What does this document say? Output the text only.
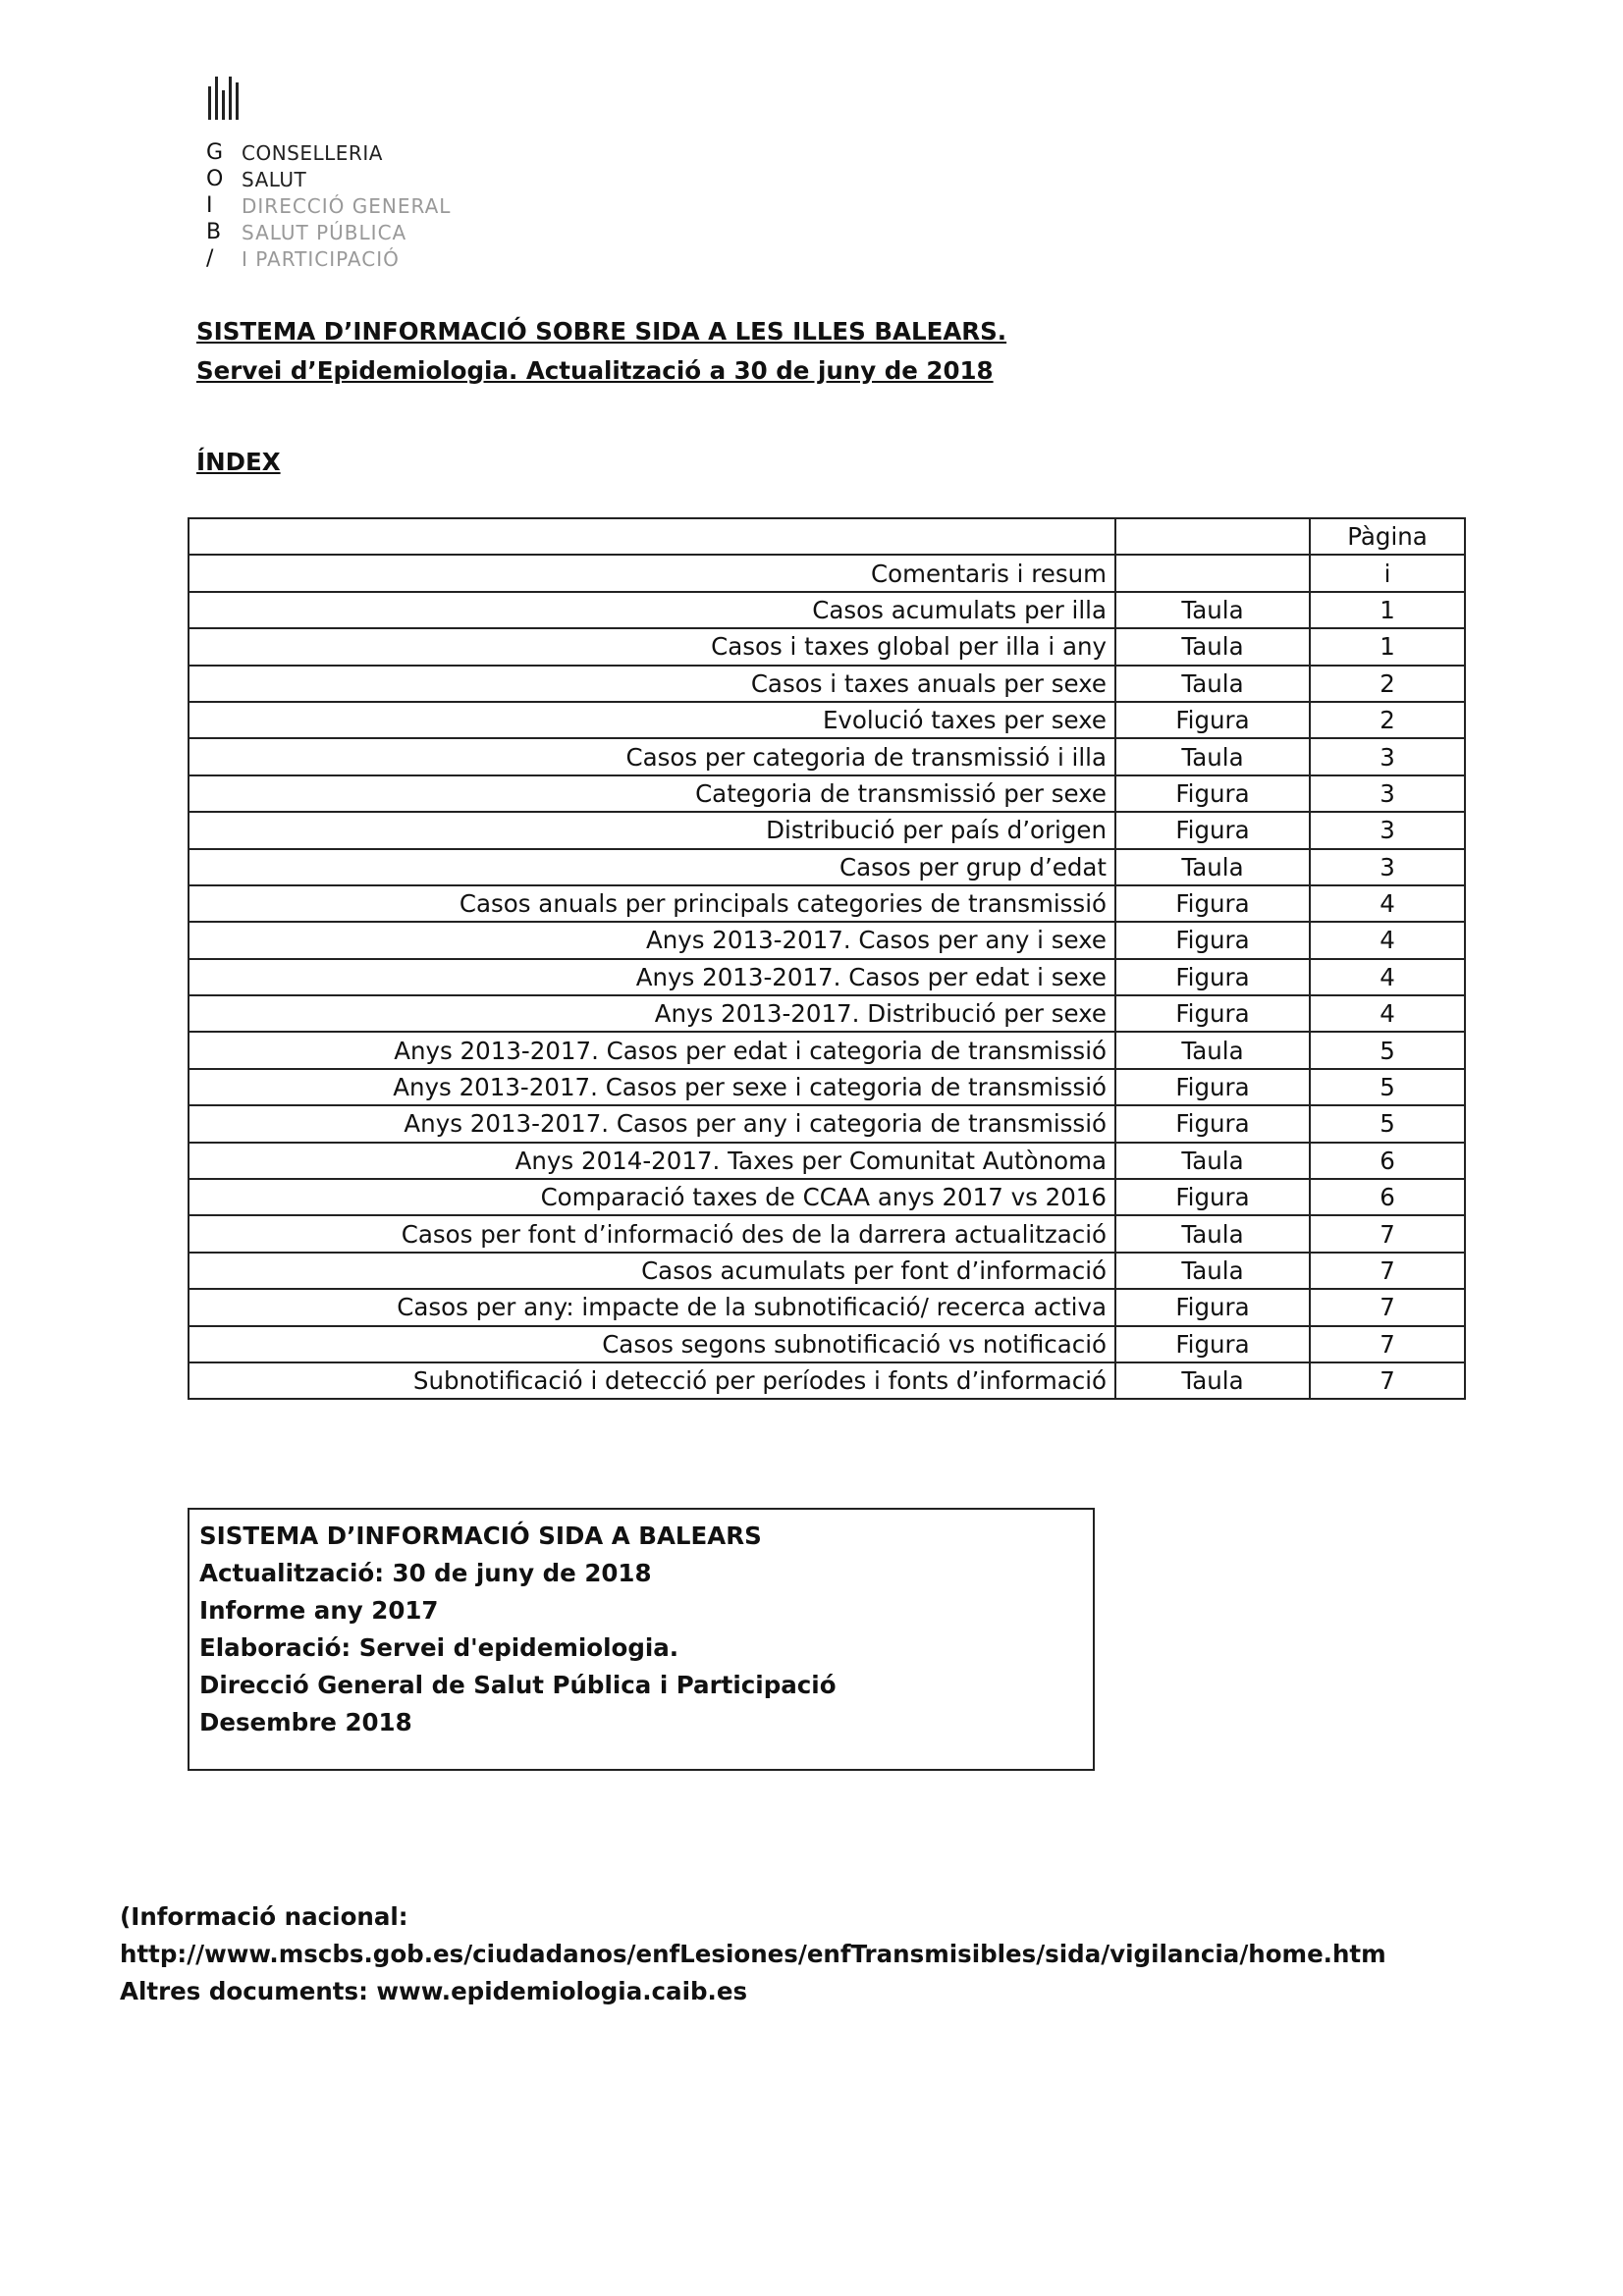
G CONSELLERIA
O SALUT
I	DIRECCIÓ GENERAL
B	SALUT PÚBLICA
/	I PARTICIPACIÓ
SISTEMA D’INFORMACIÓ SOBRE SIDA A LES ILLES BALEARS.
Servei d’Epidemiologia. Actualització a 30 de juny de 2018
ÍNDEX
		Pàgina
Comentaris i resum		i
Casos acumulats per illa	Taula	1
Casos i taxes global per illa i any	Taula	1
Casos i taxes anuals per sexe	Taula	2
Evolució taxes per sexe	Figura	2
Casos per categoria de transmissió i illa	Taula	3
Categoria de transmissió per sexe	Figura	3
Distribució per país d’origen	Figura	3
Casos per grup d’edat	Taula	3
Casos anuals per principals categories de transmissió	Figura	4
Anys 2013-2017. Casos per any i sexe	Figura	4
Anys 2013-2017. Casos per edat i sexe	Figura	4
Anys 2013-2017. Distribució per sexe	Figura	4
Anys 2013-2017. Casos per edat i categoria de transmissió	Taula	5
Anys 2013-2017. Casos per sexe i categoria de transmissió	Figura	5
Anys 2013-2017. Casos per any i categoria de transmissió	Figura	5
Anys 2014-2017. Taxes per Comunitat Autònoma	Taula	6
Comparació taxes de CCAA anys 2017 vs 2016	Figura	6
Casos per font d’informació des de la darrera actualització	Taula	7
Casos acumulats per font d’informació	Taula	7
Casos per any: impacte de la subnotificació/ recerca activa	Figura	7
Casos segons subnotificació vs notificació	Figura	7
Subnotificació i detecció per períodes i fonts d’informació	Taula	7
SISTEMA D’INFORMACIÓ SIDA A BALEARS
Actualització: 30 de juny de 2018
Informe any 2017
Elaboració: Servei d'epidemiologia.
Direcció General de Salut Pública i Participació
Desembre 2018
(Informació nacional:
http://www.mscbs.gob.es/ciudadanos/enfLesiones/enfTransmisibles/sida/vigilancia/home.htm
Altres documents: www.epidemiologia.caib.es
